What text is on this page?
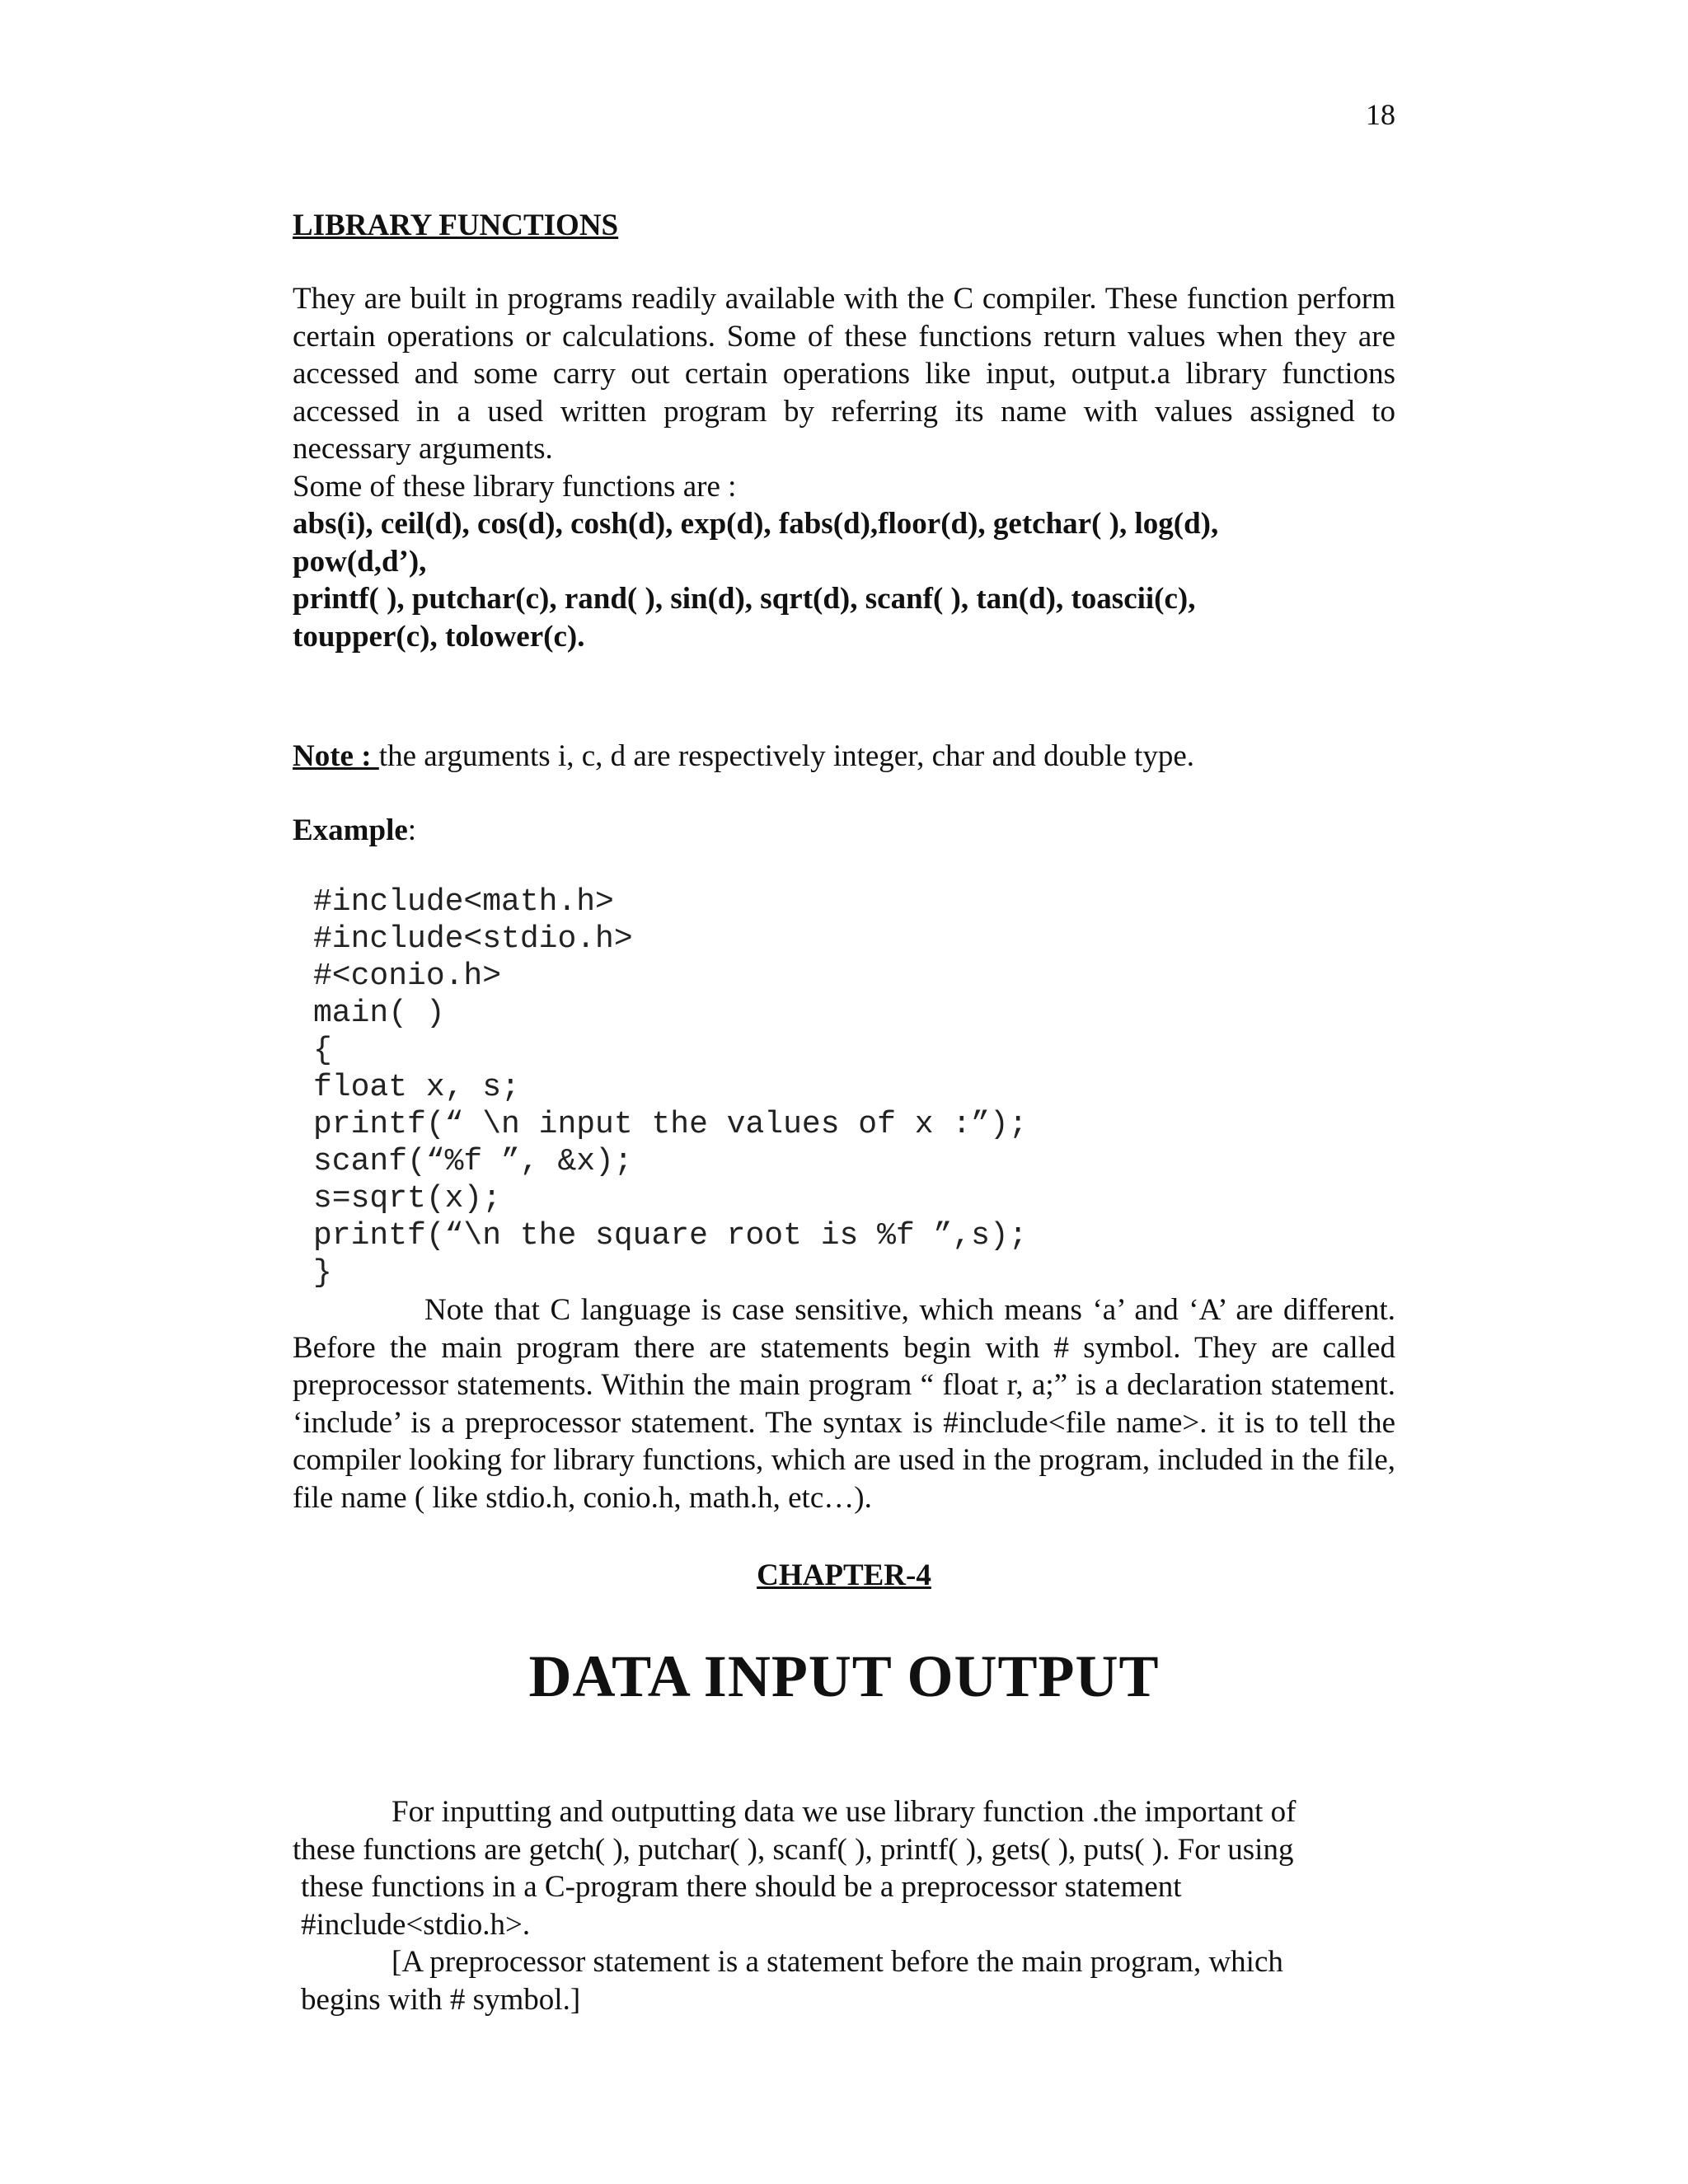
18

LIBRARY FUNCTIONS

They are built in programs readily available with the C compiler. These function perform certain operations or calculations. Some of these functions return values when they are accessed and some carry out certain operations like input, output.a library functions accessed in a used written program by referring its name with values assigned to necessary arguments.

Some of these library functions are :

abs(i), ceil(d), cos(d), cosh(d), exp(d), fabs(d),floor(d), getchar( ), log(d),

pow(d,d’),

printf( ), putchar(c), rand( ), sin(d), sqrt(d), scanf( ), tan(d), toascii(c),

toupper(c), tolower(c).

Note : the arguments i, c, d are respectively integer, char and double type.

Example:

#include<math.h>

#include<stdio.h>

#<conio.h>

main( )

{

float x, s;

printf(“ \n input the values of x :”);

scanf(“%f ”, &x);

s=sqrt(x);

printf(“\n the square root is %f ”,s);

}

Note that C language is case sensitive, which means ‘a’ and ‘A’ are different. Before the main program there are statements begin with # symbol. They are called preprocessor statements. Within the main program “ float r, a;” is a declaration statement. ‘include’ is a preprocessor statement. The syntax is #include<file name>. it is to tell the compiler looking for library functions, which are used in the program, included in the file, file name ( like stdio.h, conio.h, math.h, etc…).

CHAPTER-4

DATA INPUT OUTPUT

For inputting and outputting data we use library function .the important of

these functions are getch( ), putchar( ), scanf( ), printf( ), gets( ), puts( ). For using

these functions in a C-program there should be a preprocessor statement

#include<stdio.h>.

[A preprocessor statement is a statement before the main program, which

begins with # symbol.]
